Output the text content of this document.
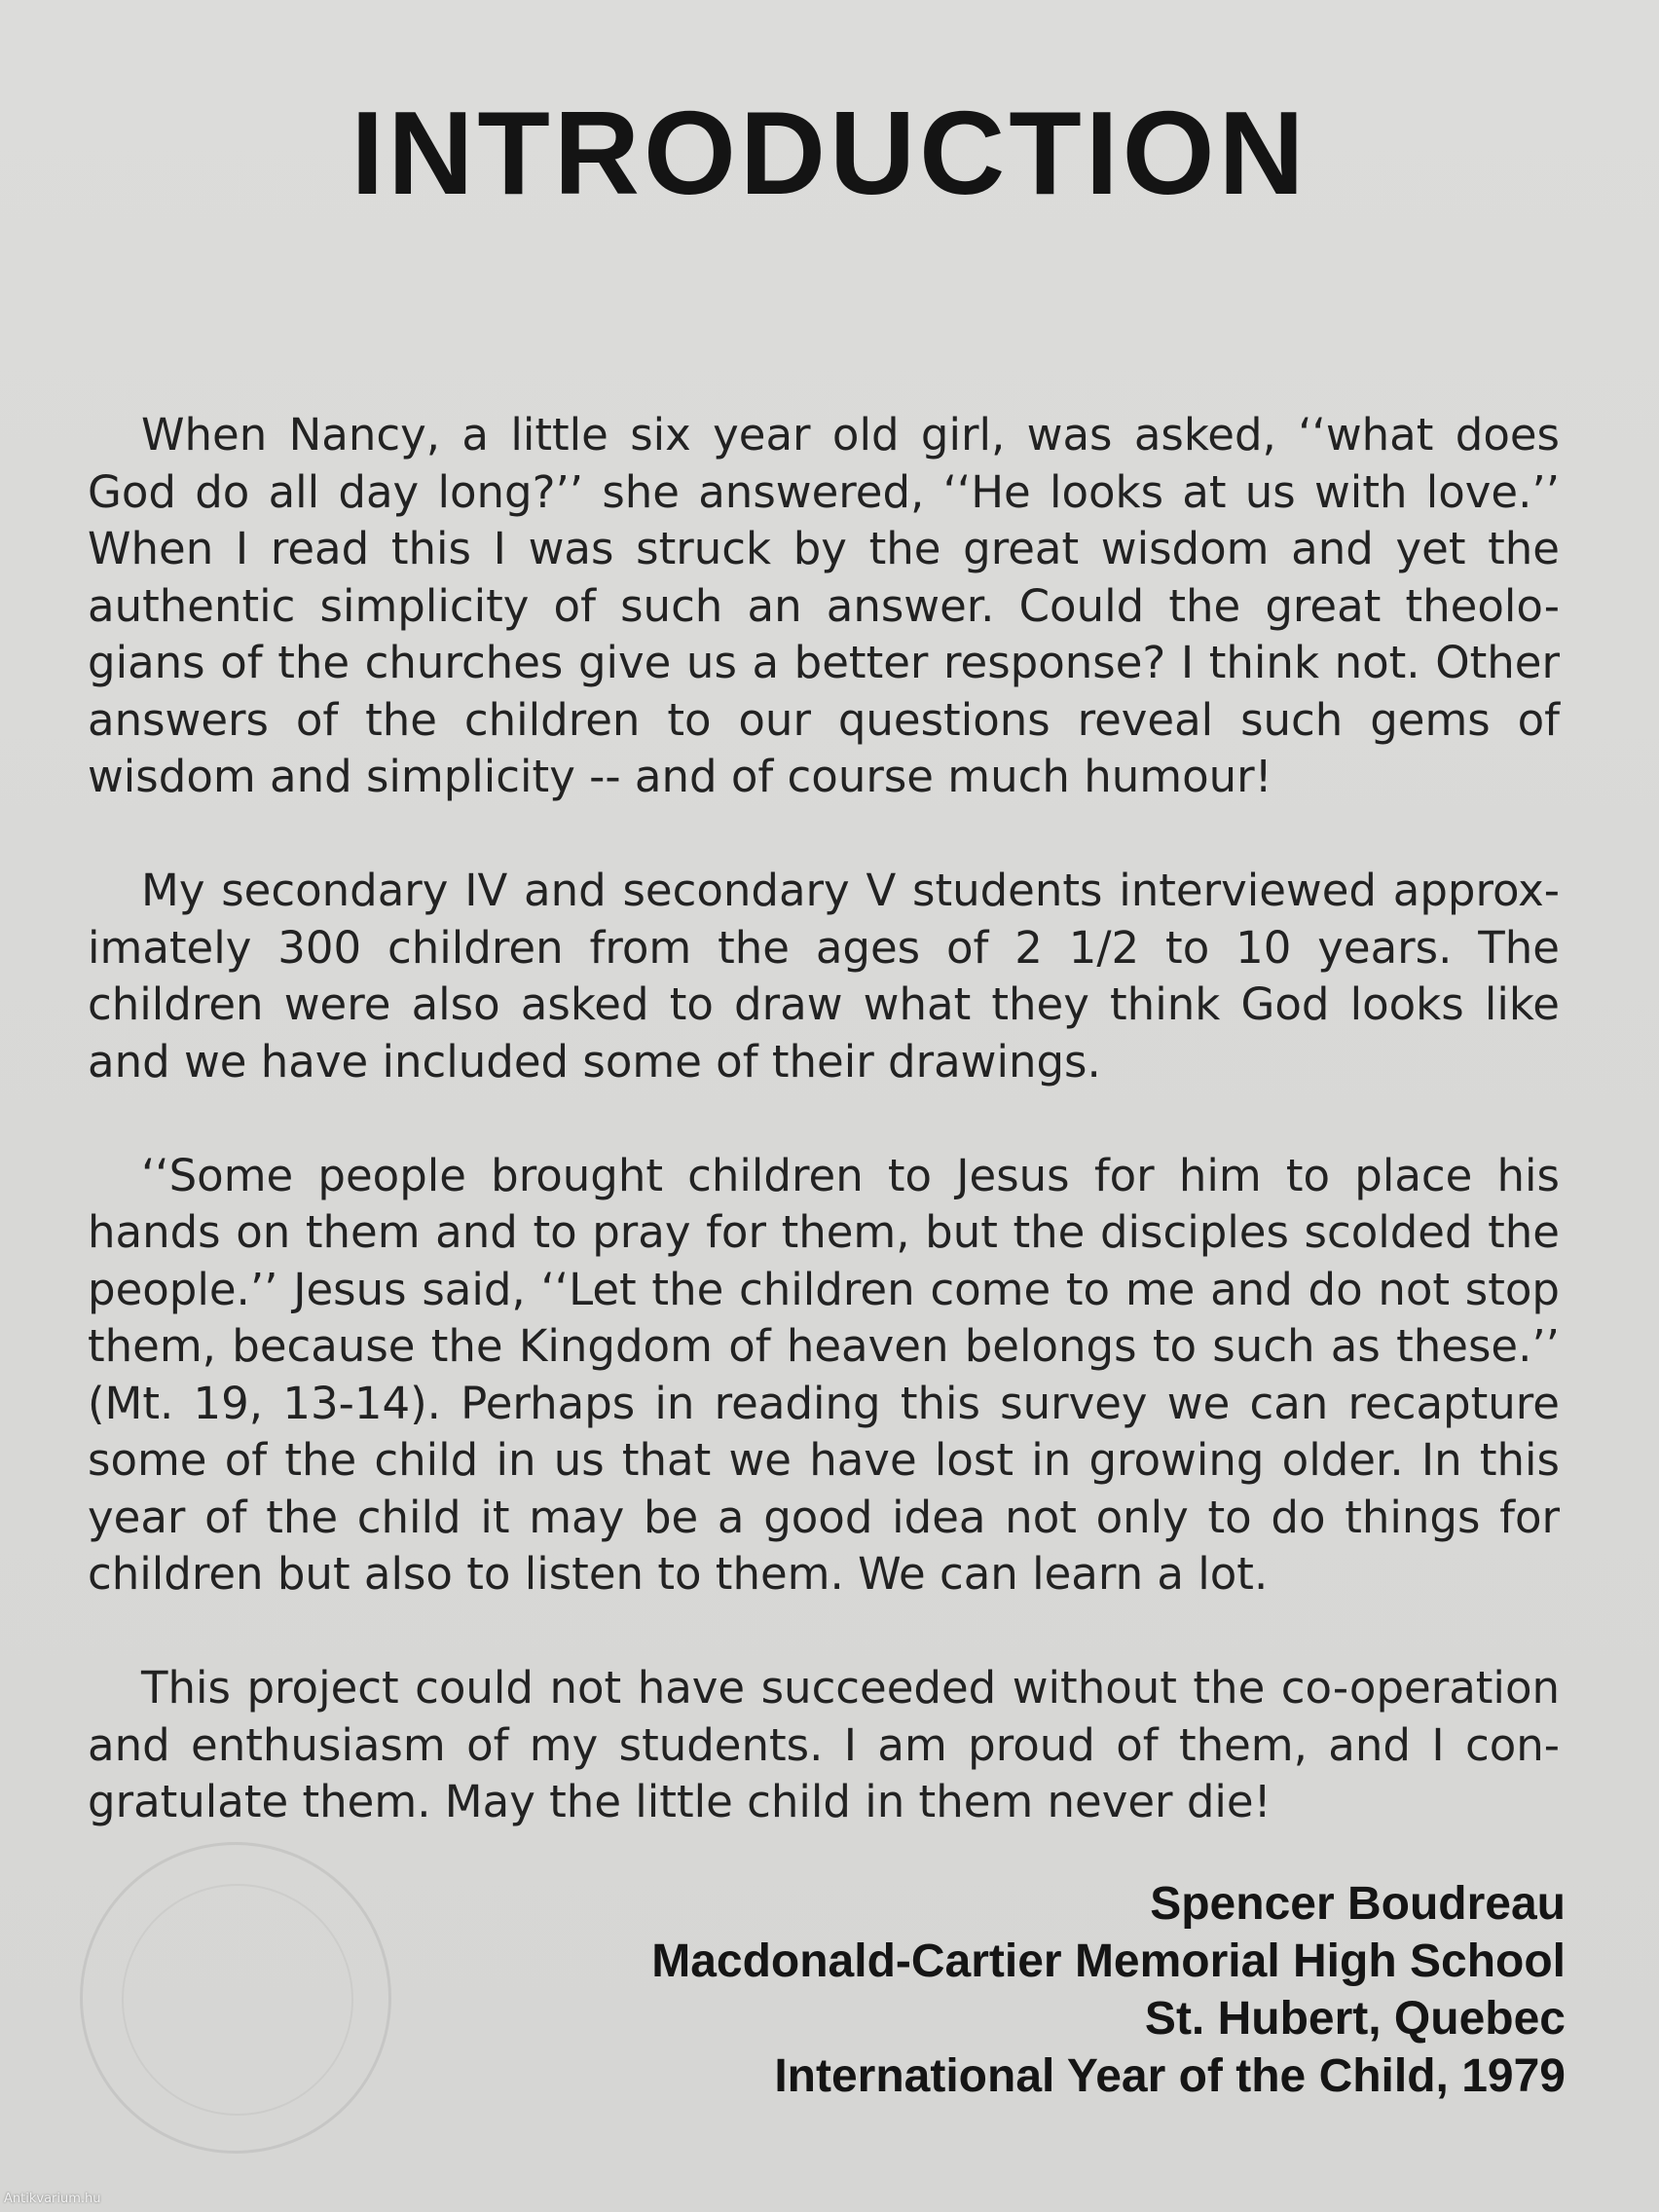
INTRODUCTION

When Nancy, a little six year old girl, was asked, ‘‘what does God do all day long?’’ she answered, ‘‘He looks at us with love.’’ When I read this I was struck by the great wisdom and yet the authentic simplicity of such an answer. Could the great theolo-gians of the churches give us a better response? I think not. Other answers of the children to our questions reveal such gems of wisdom and simplicity -- and of course much humour!

My secondary IV and secondary V students interviewed approx-imately 300 children from the ages of 2 1/2 to 10 years. The children were also asked to draw what they think God looks like and we have included some of their drawings.

‘‘Some people brought children to Jesus for him to place his hands on them and to pray for them, but the disciples scolded the people.’’ Jesus said, ‘‘Let the children come to me and do not stop them, because the Kingdom of heaven belongs to such as these.’’ (Mt. 19, 13-14). Perhaps in reading this survey we can recapture some of the child in us that we have lost in growing older. In this year of the child it may be a good idea not only to do things for children but also to listen to them. We can learn a lot.

This project could not have succeeded without the co-operation and enthusiasm of my students. I am proud of them, and I con-gratulate them. May the little child in them never die!

Spencer Boudreau
Macdonald-Cartier Memorial High School
St. Hubert, Quebec
International Year of the Child, 1979
Antikvarium.hu
